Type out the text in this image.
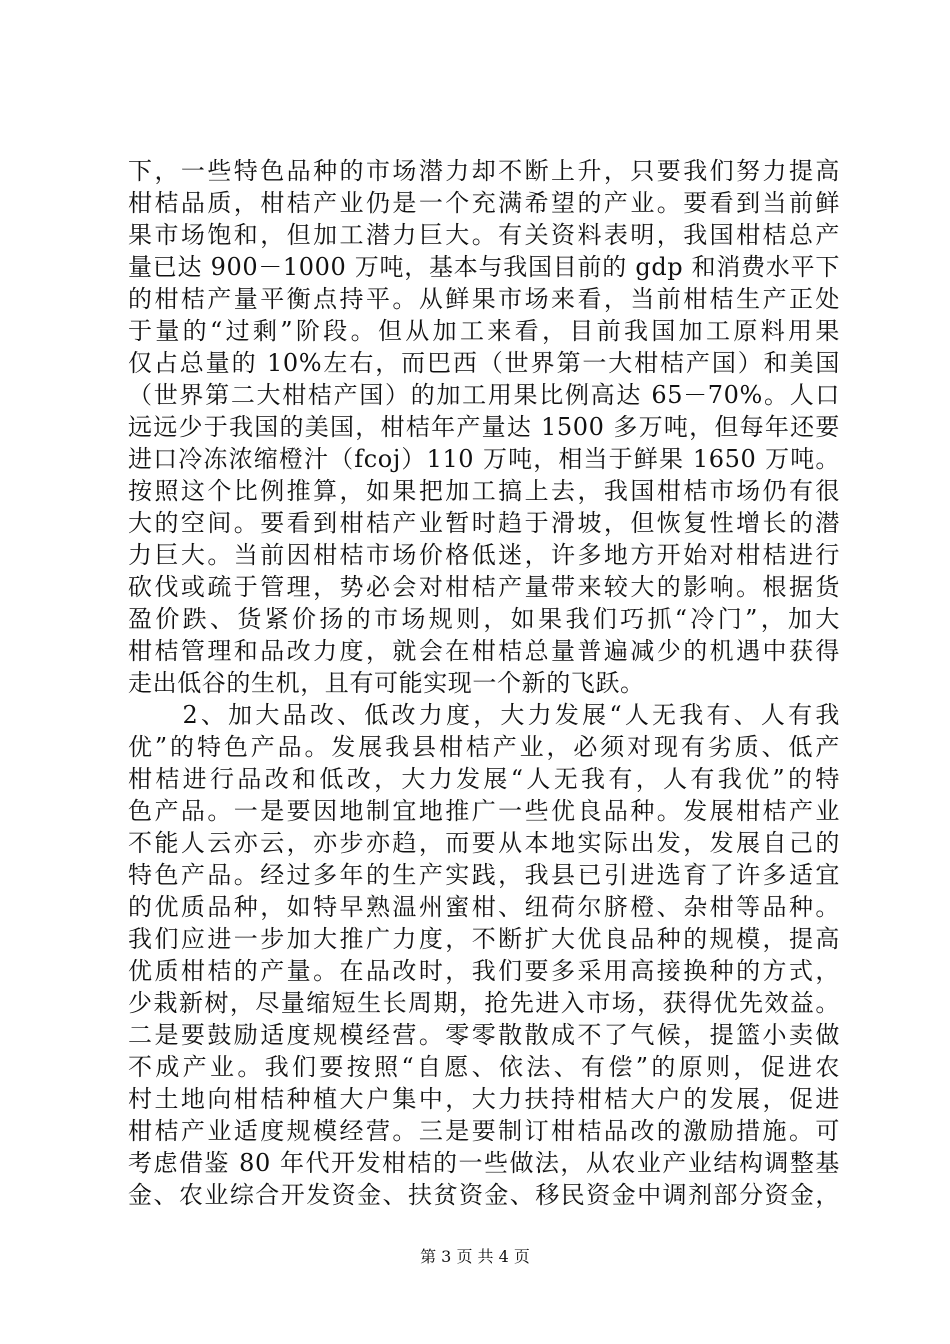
下，一些特色品种的市场潜力却不断上升，只要我们努力提高
柑桔品质，柑桔产业仍是一个充满希望的产业。要看到当前鲜
果市场饱和，但加工潜力巨大。有关资料表明，我国柑桔总产
量已达 900－1000 万吨，基本与我国目前的 gdp 和消费水平下
的柑桔产量平衡点持平。从鲜果市场来看，当前柑桔生产正处
于量的“过剩”阶段。但从加工来看，目前我国加工原料用果
仅占总量的 10%左右，而巴西（世界第一大柑桔产国）和美国
（世界第二大柑桔产国）的加工用果比例高达 65－70%。人口
远远少于我国的美国，柑桔年产量达 1500 多万吨，但每年还要
进口冷冻浓缩橙汁（fcoj）110 万吨，相当于鲜果 1650 万吨。
按照这个比例推算，如果把加工搞上去，我国柑桔市场仍有很
大的空间。要看到柑桔产业暂时趋于滑坡，但恢复性增长的潜
力巨大。当前因柑桔市场价格低迷，许多地方开始对柑桔进行
砍伐或疏于管理，势必会对柑桔产量带来较大的影响。根据货
盈价跌、货紧价扬的市场规则，如果我们巧抓“冷门”，加大
柑桔管理和品改力度，就会在柑桔总量普遍减少的机遇中获得
走出低谷的生机，且有可能实现一个新的飞跃。
　　2、加大品改、低改力度，大力发展“人无我有、人有我
优”的特色产品。发展我县柑桔产业，必须对现有劣质、低产
柑桔进行品改和低改，大力发展“人无我有，人有我优”的特
色产品。一是要因地制宜地推广一些优良品种。发展柑桔产业
不能人云亦云，亦步亦趋，而要从本地实际出发，发展自己的
特色产品。经过多年的生产实践，我县已引进选育了许多适宜
的优质品种，如特早熟温州蜜柑、纽荷尔脐橙、杂柑等品种。
我们应进一步加大推广力度，不断扩大优良品种的规模，提高
优质柑桔的产量。在品改时，我们要多采用高接换种的方式，
少栽新树，尽量缩短生长周期，抢先进入市场，获得优先效益。
二是要鼓励适度规模经营。零零散散成不了气候，提篮小卖做
不成产业。我们要按照“自愿、依法、有偿”的原则，促进农
村土地向柑桔种植大户集中，大力扶持柑桔大户的发展，促进
柑桔产业适度规模经营。三是要制订柑桔品改的激励措施。可
考虑借鉴 80 年代开发柑桔的一些做法，从农业产业结构调整基
金、农业综合开发资金、扶贫资金、移民资金中调剂部分资金，
第 3 页 共 4 页
